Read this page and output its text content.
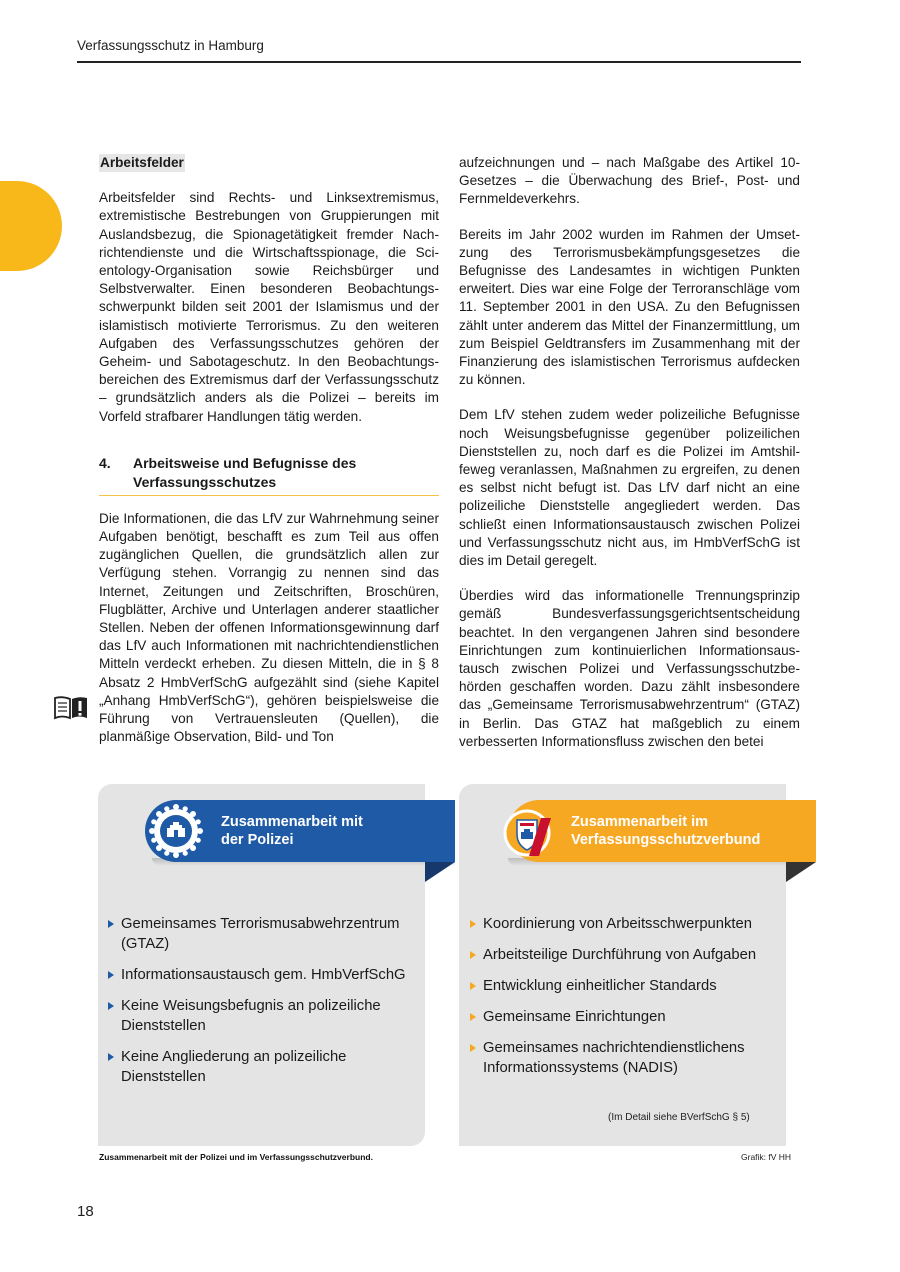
Verfassungsschutz in Hamburg
Arbeitsfelder

Arbeitsfelder sind Rechts- und Linksextremismus, extremistische Bestrebungen von Gruppierungen mit Auslandsbezug, die Spionagetätigkeit fremder Nachrichtendienste und die Wirtschaftsspionage, die Scientology-Organisation sowie Reichsbürger und Selbstverwalter. Einen besonderen Beobachtungsschwerpunkt bilden seit 2001 der Islamismus und der islamistisch motivierte Terrorismus. Zu den weiteren Aufgaben des Verfassungsschutzes gehören der Geheim- und Sabotageschutz. In den Beobachtungsbereichen des Extremismus darf der Verfassungsschutz – grundsätzlich anders als die Polizei – bereits im Vorfeld strafbarer Handlungen tätig werden.

4.	Arbeitsweise und Befugnisse des Verfassungsschutzes

Die Informationen, die das LfV zur Wahrnehmung seiner Aufgaben benötigt, beschafft es zum Teil aus offen zugänglichen Quellen, die grundsätzlich allen zur Verfügung stehen. Vorrangig zu nennen sind das Internet, Zeitungen und Zeitschriften, Broschüren, Flugblätter, Archive und Unterlagen anderer staatlicher Stellen. Neben der offenen Informationsgewinnung darf das LfV auch Informationen mit nachrichtendienstlichen Mitteln verdeckt erheben. Zu diesen Mitteln, die in § 8 Absatz 2 HmbVerfSchG aufgezählt sind (siehe Kapitel „Anhang HmbVerfSchG“), gehören beispielsweise die Führung von Vertrauensleuten (Quellen), die planmäßige Observation, Bild- und Ton

aufzeichnungen und – nach Maßgabe des Artikel 10-Gesetzes – die Überwachung des Brief-, Post- und Fernmeldeverkehrs.

Bereits im Jahr 2002 wurden im Rahmen der Umsetzung des Terrorismusbekämpfungsgesetzes die Befugnisse des Landesamtes in wichtigen Punkten erweitert. Dies war eine Folge der Terroranschläge vom 11. September 2001 in den USA. Zu den Befugnissen zählt unter anderem das Mittel der Finanzermittlung, um zum Beispiel Geldtransfers im Zusammenhang mit der Finanzierung des islamistischen Terrorismus aufdecken zu können.

Dem LfV stehen zudem weder polizeiliche Befugnisse noch Weisungsbefugnisse gegenüber polizeilichen Dienststellen zu, noch darf es die Polizei im Amtshilfeweg veranlassen, Maßnahmen zu ergreifen, zu denen es selbst nicht befugt ist. Das LfV darf nicht an eine polizeiliche Dienststelle angegliedert werden. Das schließt einen Informationsaustausch zwischen Polizei und Verfassungsschutz nicht aus, im HmbVerfSchG ist dies im Detail geregelt.

Überdies wird das informationelle Trennungsprinzip gemäß Bundesverfassungsgerichtsentscheidung beachtet. In den vergangenen Jahren sind besondere Einrichtungen zum kontinuierlichen Informationsaustausch zwischen Polizei und Verfassungsschutzbehörden geschaffen worden. Dazu zählt insbesondere das „Gemeinsame Terrorismusabwehrzentrum“ (GTAZ) in Berlin. Das GTAZ hat maßgeblich zu einem verbesserten Informationsfluss zwischen den betei

Zusammenarbeit mit
der Polizei
Gemeinsames Terrorismusabwehrzentrum (GTAZ)
Informationsaustausch gem. HmbVerfSchG
Keine Weisungsbefugnis an polizeiliche Dienststellen
Keine Angliederung an polizeiliche Dienststellen
Zusammenarbeit im
Verfassungsschutzverbund
Koordinierung von Arbeitsschwerpunkten
Arbeitsteilige Durchführung von Aufgaben
Entwicklung einheitlicher Standards
Gemeinsame Einrichtungen
Gemeinsames nachrichtendienstlichens Informationssystems (NADIS)
(Im Detail siehe BVerfSchG § 5)
Zusammenarbeit mit der Polizei und im Verfassungsschutzverbund.	Grafik: fV HH
18
